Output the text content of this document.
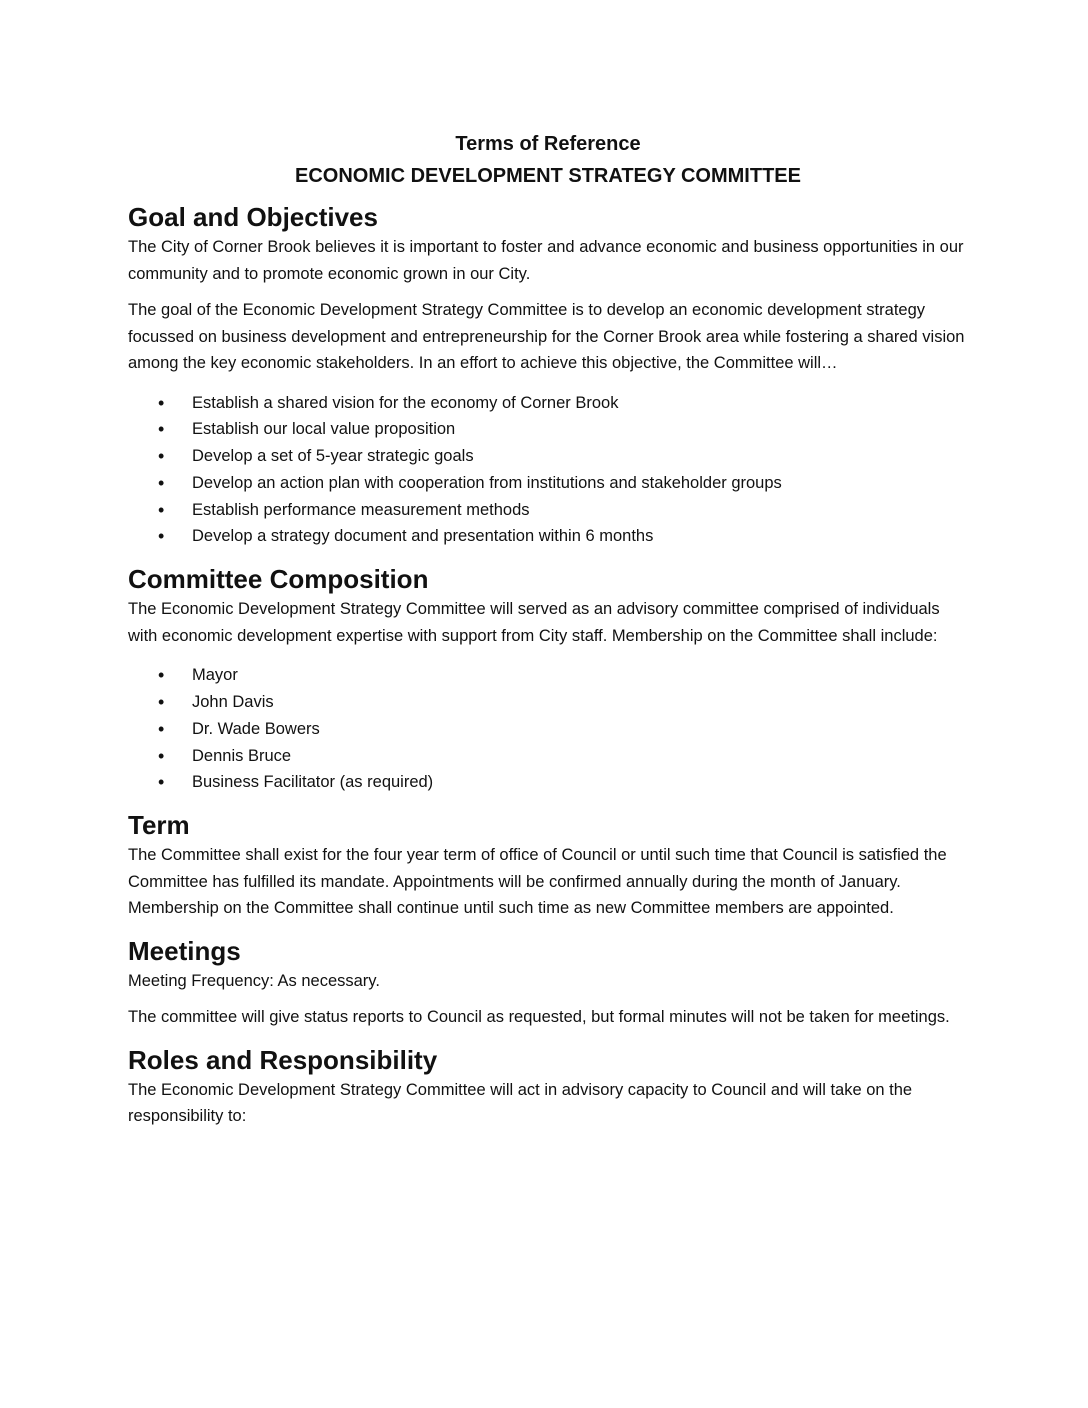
Terms of Reference
ECONOMIC DEVELOPMENT STRATEGY COMMITTEE
Goal and Objectives

The City of Corner Brook believes it is important to foster and advance economic and business opportunities in our community and to promote economic grown in our City.

The goal of the Economic Development Strategy Committee is to develop an economic development strategy focussed on business development and entrepreneurship for the Corner Brook area while fostering a shared vision among the key economic stakeholders. In an effort to achieve this objective, the Committee will…

• Establish a shared vision for the economy of Corner Brook
• Establish our local value proposition
• Develop a set of 5-year strategic goals
• Develop an action plan with cooperation from institutions and stakeholder groups
• Establish performance measurement methods
• Develop a strategy document and presentation within 6 months
Committee Composition

The Economic Development Strategy Committee will served as an advisory committee comprised of individuals with economic development expertise with support from City staff. Membership on the Committee shall include:

• Mayor
• John Davis
• Dr. Wade Bowers
• Dennis Bruce
• Business Facilitator (as required)
Term

The Committee shall exist for the four year term of office of Council or until such time that Council is satisfied the Committee has fulfilled its mandate. Appointments will be confirmed annually during the month of January. Membership on the Committee shall continue until such time as new Committee members are appointed.

Meetings

Meeting Frequency: As necessary.

The committee will give status reports to Council as requested, but formal minutes will not be taken for meetings.

Roles and Responsibility

The Economic Development Strategy Committee will act in advisory capacity to Council and will take on the responsibility to:
